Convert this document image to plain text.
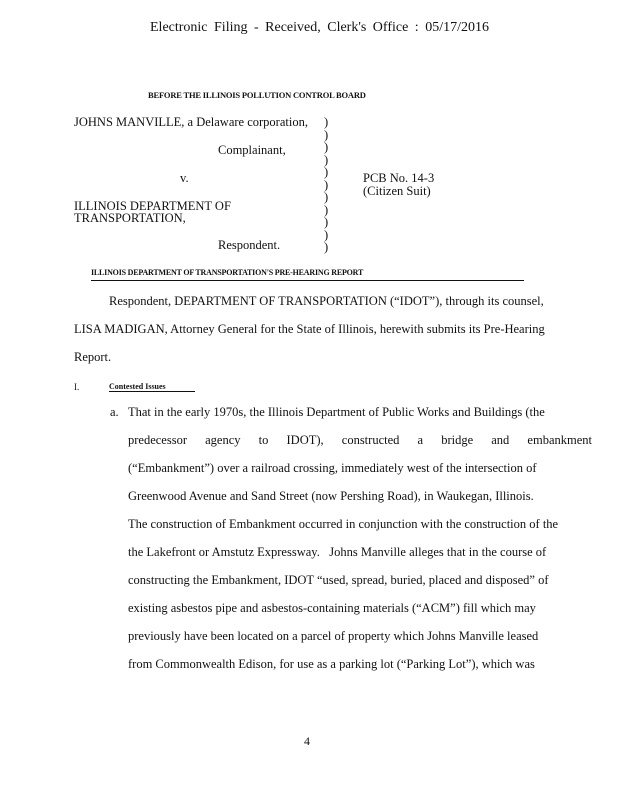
Electronic Filing - Received, Clerk's Office : 05/17/2016
BEFORE THE ILLINOIS POLLUTION CONTROL BOARD
JOHNS MANVILLE, a Delaware corporation,
Complainant,
v.
ILLINOIS DEPARTMENT OF
TRANSPORTATION,
Respondent.
)
)
)
)
)
)
)
)
)
)
)
PCB No. 14-3
(Citizen Suit)
ILLINOIS DEPARTMENT OF TRANSPORTATION'S PRE-HEARING REPORT
Respondent, DEPARTMENT OF TRANSPORTATION (“IDOT”), through its counsel,
LISA MADIGAN, Attorney General for the State of Illinois, herewith submits its Pre-Hearing
Report.
I.	Contested Issues
a. That in the early 1970s, the Illinois Department of Public Works and Buildings (the
predecessor agency to IDOT), constructed a bridge and embankment
(“Embankment”) over a railroad crossing, immediately west of the intersection of
Greenwood Avenue and Sand Street (now Pershing Road), in Waukegan, Illinois.
The construction of Embankment occurred in conjunction with the construction of the
the Lakefront or Amstutz Expressway.   Johns Manville alleges that in the course of
constructing the Embankment, IDOT “used, spread, buried, placed and disposed” of
existing asbestos pipe and asbestos-containing materials (“ACM”) fill which may
previously have been located on a parcel of property which Johns Manville leased
from Commonwealth Edison, for use as a parking lot (“Parking Lot”), which was
4
